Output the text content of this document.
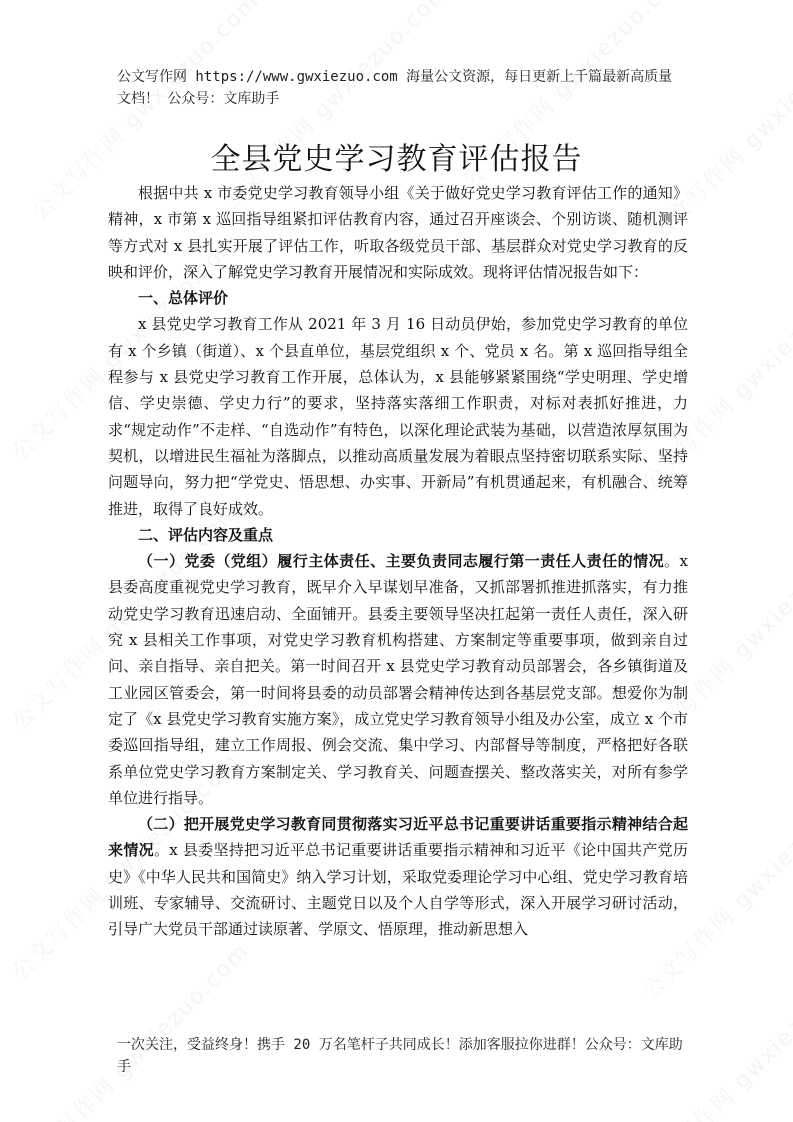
公文写作网 https://www.gwxiezuo.com 海量公文资源，每日更新上千篇最新高质量文档！ 公众号：文库助手
全县党史学习教育评估报告

根据中共 x 市委党史学习教育领导小组《关于做好党史学习教育评估工作的通知》精神，x 市第 x 巡回指导组紧扣评估教育内容，通过召开座谈会、个别访谈、随机测评等方式对 x 县扎实开展了评估工作，听取各级党员干部、基层群众对党史学习教育的反映和评价，深入了解党史学习教育开展情况和实际成效。现将评估情况报告如下：

一、总体评价

x 县党史学习教育工作从 2021 年 3 月 16 日动员伊始，参加党史学习教育的单位有 x 个乡镇（街道）、x 个县直单位，基层党组织 x 个、党员 x 名。第 x 巡回指导组全程参与 x 县党史学习教育工作开展，总体认为，x 县能够紧紧围绕“学史明理、学史增信、学史崇德、学史力行”的要求，坚持落实落细工作职责，对标对表抓好推进，力求“规定动作”不走样、“自选动作”有特色，以深化理论武装为基础，以营造浓厚氛围为契机，以增进民生福祉为落脚点，以推动高质量发展为着眼点坚持密切联系实际、坚持问题导向，努力把“学党史、悟思想、办实事、开新局”有机贯通起来，有机融合、统筹推进，取得了良好成效。

二、评估内容及重点

（一）党委（党组）履行主体责任、主要负责同志履行第一责任人责任的情况。x 县委高度重视党史学习教育，既早介入早谋划早准备，又抓部署抓推进抓落实，有力推动党史学习教育迅速启动、全面铺开。县委主要领导坚决扛起第一责任人责任，深入研究 x 县相关工作事项，对党史学习教育机构搭建、方案制定等重要事项，做到亲自过问、亲自指导、亲自把关。第一时间召开 x 县党史学习教育动员部署会，各乡镇街道及工业园区管委会，第一时间将县委的动员部署会精神传达到各基层党支部。想爱你为制定了《x 县党史学习教育实施方案》，成立党史学习教育领导小组及办公室，成立 x 个市委巡回指导组，建立工作周报、例会交流、集中学习、内部督导等制度，严格把好各联系单位党史学习教育方案制定关、学习教育关、问题查摆关、整改落实关，对所有参学单位进行指导。

（二）把开展党史学习教育同贯彻落实习近平总书记重要讲话重要指示精神结合起来情况。x 县委坚持把习近平总书记重要讲话重要指示精神和习近平《论中国共产党历史》《中华人民共和国简史》纳入学习计划，采取党委理论学习中心组、党史学习教育培训班、专家辅导、交流研讨、主题党日以及个人自学等形式，深入开展学习研讨活动，引导广大党员干部通过读原著、学原文、悟原理，推动新思想入

一次关注，受益终身！携手 20 万名笔杆子共同成长！添加客服拉你进群！公众号：文库助手
